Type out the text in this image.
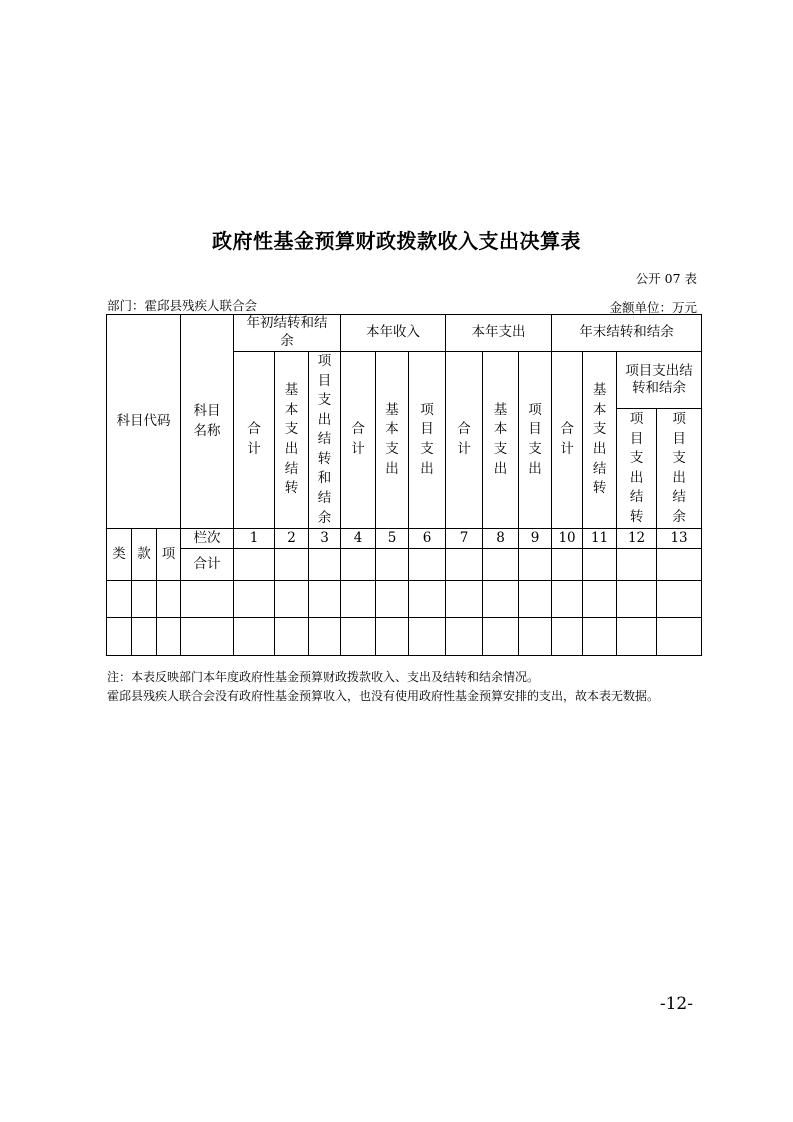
政府性基金预算财政拨款收入支出决算表
公开 07 表
部门：霍邱县残疾人联合会	金额单位：万元
科目代码			科目名称	年初结转和结余			本年收入			本年支出			年末结转和结余			

				合计	基本支出结转	项目支出结转和结余	合计	基本支出	项目支出	合计	基本支出	项目支出	合计	基本支出结转	项目支出结转和结余	

															项目支出结转	项目支出结余

类	款	项	栏次	1	2	3	4	5	6	7	8	9	10	11	12	13
			合计													

注：本表反映部门本年度政府性基金预算财政拨款收入、支出及结转和结余情况。
霍邱县残疾人联合会没有政府性基金预算收入，也没有使用政府性基金预算安排的支出，故本表无数据。
-12-
